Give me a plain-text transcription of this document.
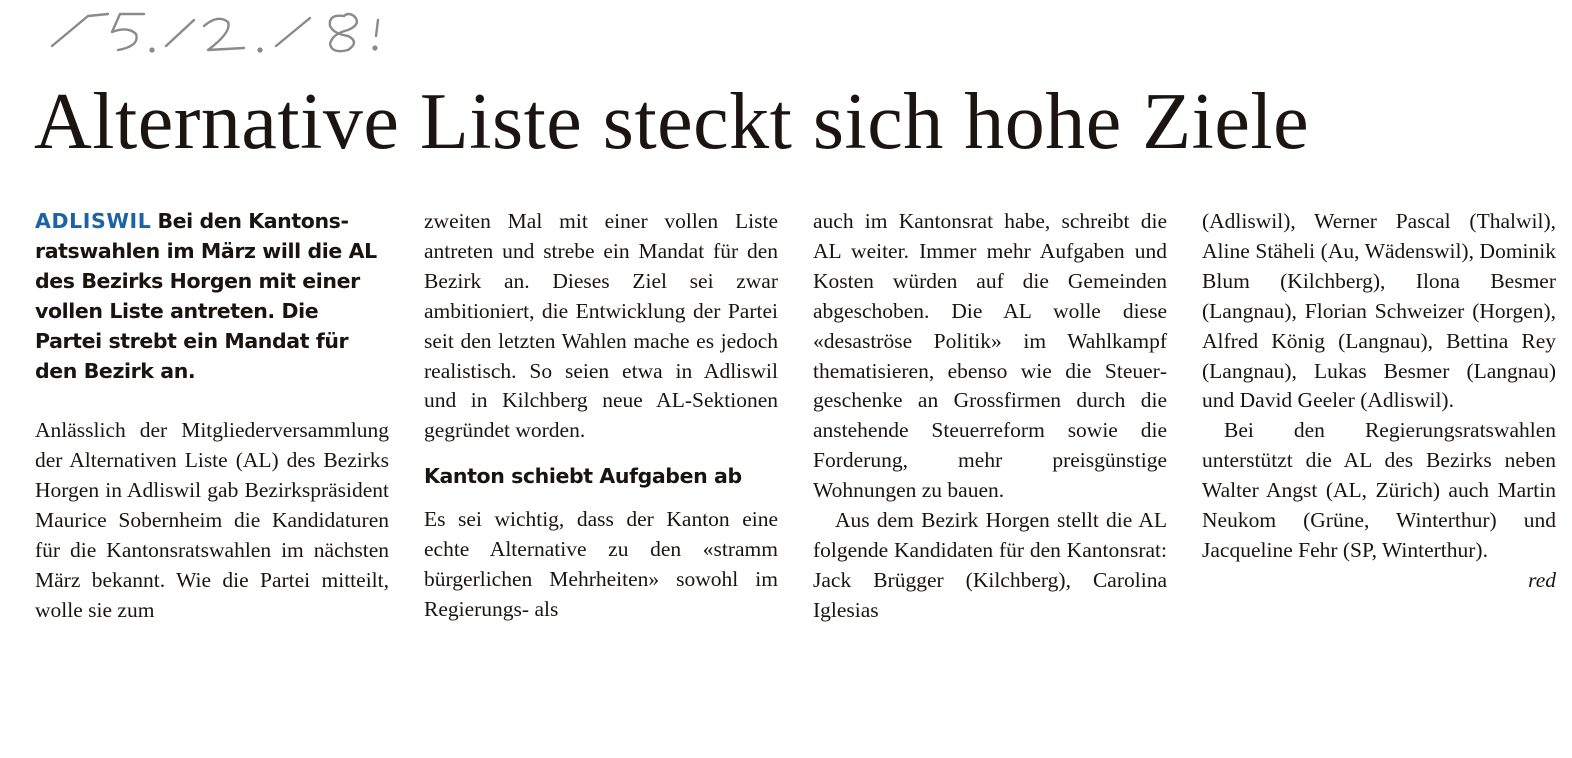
15.12.18.
Alternative Liste steckt sich hohe Ziele

ADLISWIL Bei den Kantonsratswahlen im März will die AL des Bezirks Horgen mit einer vollen Liste antreten. Die Partei strebt ein Mandat für den Bezirk an.

Anlässlich der Mitgliederversammlung der Alternativen Liste (AL) des Bezirks Horgen in Adliswil gab Bezirkspräsident Maurice Sobernheim die Kandidaturen für die Kantonsratswahlen im nächsten März bekannt. Wie die Partei mitteilt, wolle sie zum

zweiten Mal mit einer vollen Liste antreten und strebe ein Mandat für den Bezirk an. Dieses Ziel sei zwar ambitioniert, die Entwicklung der Partei seit den letzten Wahlen mache es jedoch realistisch. So seien etwa in Adliswil und in Kilchberg neue AL-Sektionen gegründet worden.

Kanton schiebt Aufgaben ab

Es sei wichtig, dass der Kanton eine echte Alternative zu den «stramm bürgerlichen Mehrheiten» sowohl im Regierungs- als

auch im Kantonsrat habe, schreibt die AL weiter. Immer mehr Aufgaben und Kosten würden auf die Gemeinden abgeschoben. Die AL wolle diese «desaströse Politik» im Wahlkampf thematisieren, ebenso wie die Steuergeschenke an Grossfirmen durch die anstehende Steuerreform sowie die Forderung, mehr preisgünstige Wohnungen zu bauen.

Aus dem Bezirk Horgen stellt die AL folgende Kandidaten für den Kantonsrat: Jack Brügger (Kilchberg), Carolina Iglesias

(Adliswil), Werner Pascal (Thalwil), Aline Stäheli (Au, Wädenswil), Dominik Blum (Kilchberg), Ilona Besmer (Langnau), Florian Schweizer (Horgen), Alfred König (Langnau), Bettina Rey (Langnau), Lukas Besmer (Langnau) und David Geeler (Adliswil).

Bei den Regierungsratswahlen unterstützt die AL des Bezirks neben Walter Angst (AL, Zürich) auch Martin Neukom (Grüne, Winterthur) und Jacqueline Fehr (SP, Winterthur).

red
